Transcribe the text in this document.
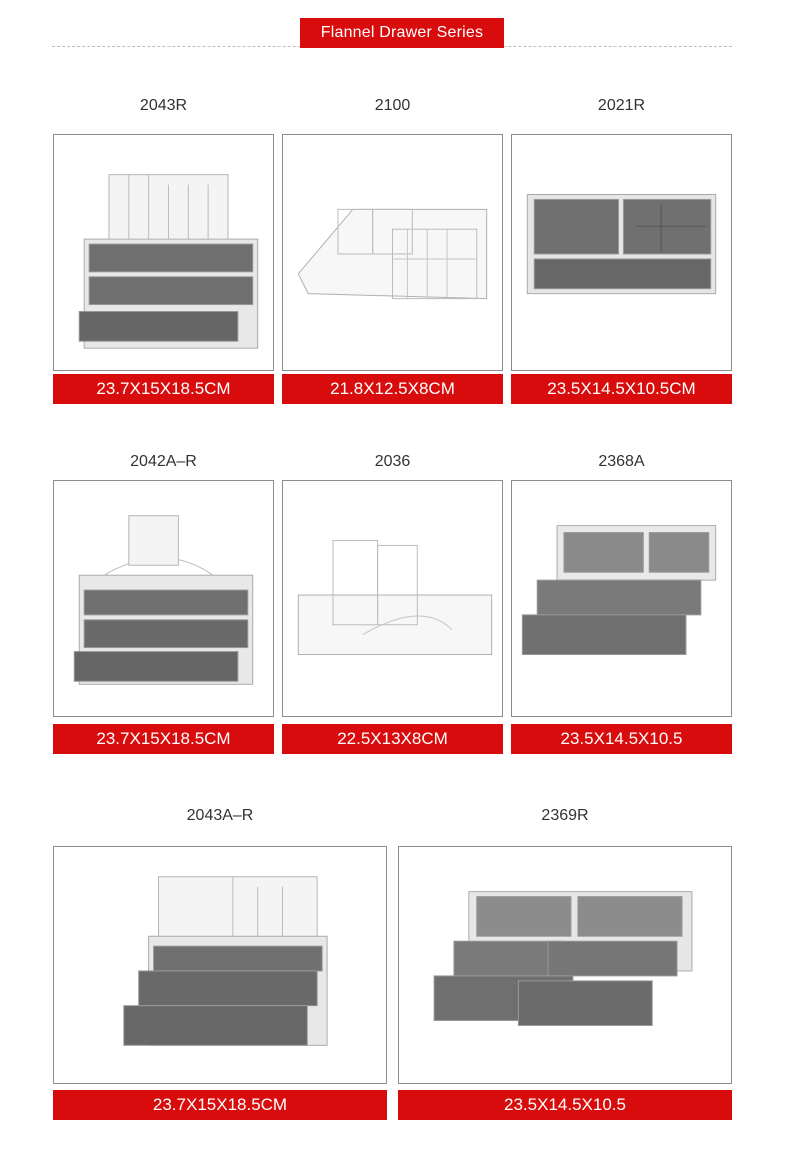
Flannel Drawer Series
2043R
23.7X15X18.5CM
2100
21.8X12.5X8CM
2021R
23.5X14.5X10.5CM
2042A–R
23.7X15X18.5CM
2036
22.5X13X8CM
2368A
23.5X14.5X10.5
2043A–R
23.7X15X18.5CM
2369R
23.5X14.5X10.5
